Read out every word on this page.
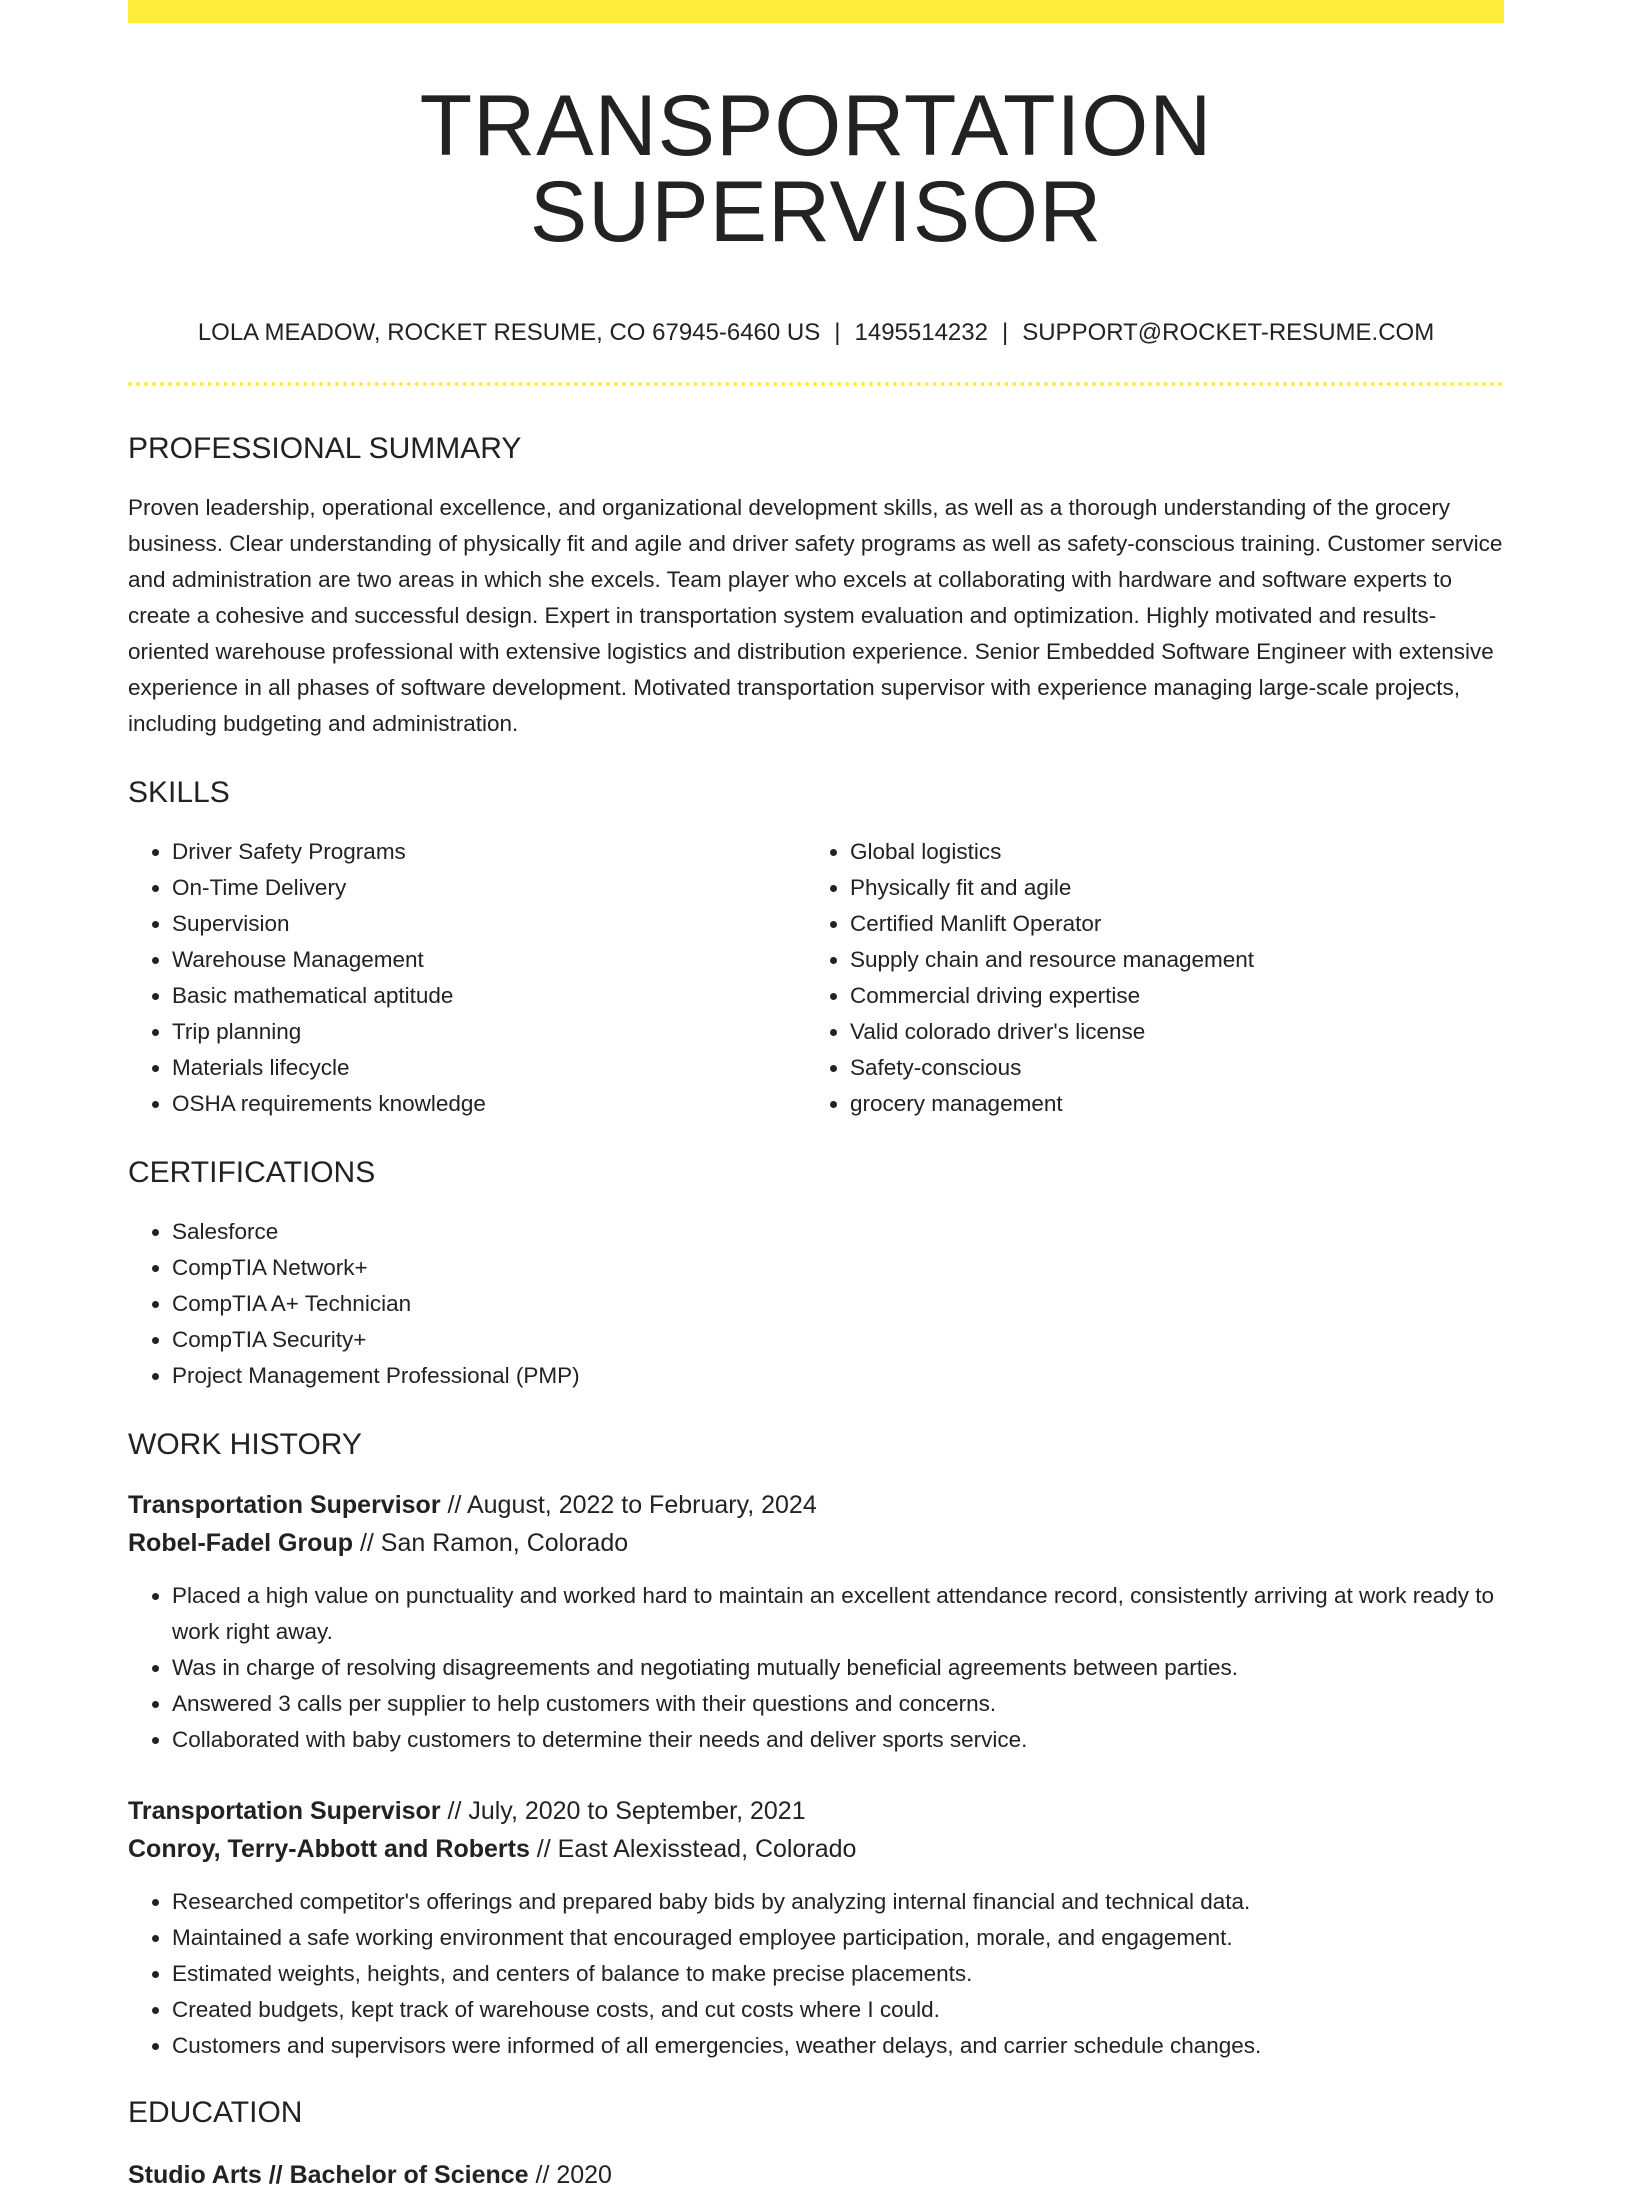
TRANSPORTATION SUPERVISOR
LOLA MEADOW, ROCKET RESUME, CO 67945-6460 US | 1495514232 | SUPPORT@ROCKET-RESUME.COM
PROFESSIONAL SUMMARY
Proven leadership, operational excellence, and organizational development skills, as well as a thorough understanding of the grocery business. Clear understanding of physically fit and agile and driver safety programs as well as safety-conscious training. Customer service and administration are two areas in which she excels. Team player who excels at collaborating with hardware and software experts to create a cohesive and successful design. Expert in transportation system evaluation and optimization. Highly motivated and results-oriented warehouse professional with extensive logistics and distribution experience. Senior Embedded Software Engineer with extensive experience in all phases of software development. Motivated transportation supervisor with experience managing large-scale projects, including budgeting and administration.
SKILLS
• Driver Safety Programs
• On-Time Delivery
• Supervision
• Warehouse Management
• Basic mathematical aptitude
• Trip planning
• Materials lifecycle
• OSHA requirements knowledge
• Global logistics
• Physically fit and agile
• Certified Manlift Operator
• Supply chain and resource management
• Commercial driving expertise
• Valid colorado driver's license
• Safety-conscious
• grocery management
CERTIFICATIONS
• Salesforce
• CompTIA Network+
• CompTIA A+ Technician
• CompTIA Security+
• Project Management Professional (PMP)
WORK HISTORY
Transportation Supervisor // August, 2022 to February, 2024
Robel-Fadel Group // San Ramon, Colorado
• Placed a high value on punctuality and worked hard to maintain an excellent attendance record, consistently arriving at work ready to work right away.
• Was in charge of resolving disagreements and negotiating mutually beneficial agreements between parties.
• Answered 3 calls per supplier to help customers with their questions and concerns.
• Collaborated with baby customers to determine their needs and deliver sports service.
Transportation Supervisor // July, 2020 to September, 2021
Conroy, Terry-Abbott and Roberts // East Alexisstead, Colorado
• Researched competitor's offerings and prepared baby bids by analyzing internal financial and technical data.
• Maintained a safe working environment that encouraged employee participation, morale, and engagement.
• Estimated weights, heights, and centers of balance to make precise placements.
• Created budgets, kept track of warehouse costs, and cut costs where I could.
• Customers and supervisors were informed of all emergencies, weather delays, and carrier schedule changes.
EDUCATION
Studio Arts // Bachelor of Science // 2020
